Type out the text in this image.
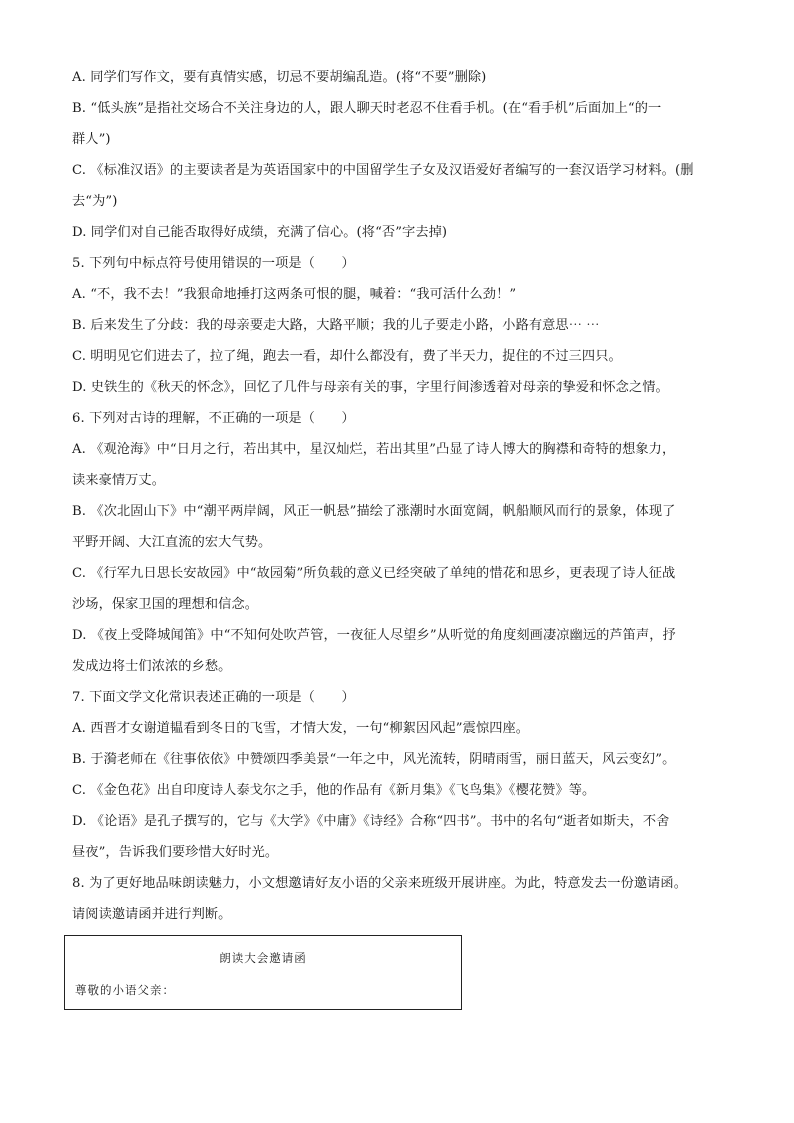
A. 同学们写作文，要有真情实感，切忌不要胡编乱造。(将“不要”删除)
B. “低头族”是指社交场合不关注身边的人，跟人聊天时老忍不住看手机。(在“看手机”后面加上“的一
群人”)
C. 《标准汉语》的主要读者是为英语国家中的中国留学生子女及汉语爱好者编写的一套汉语学习材料。(删
去“为”)
D. 同学们对自己能否取得好成绩，充满了信心。(将“否”字去掉)
5. 下列句中标点符号使用错误的一项是（　　）
A. “不，我不去！”我狠命地捶打这两条可恨的腿，喊着：“我可活什么劲！”
B. 后来发生了分歧：我的母亲要走大路，大路平顺；我的儿子要走小路，小路有意思⋯ ⋯
C. 明明见它们进去了，拉了绳，跑去一看，却什么都没有，费了半天力，捉住的不过三四只。
D. 史铁生的《秋天的怀念》，回忆了几件与母亲有关的事，字里行间渗透着对母亲的挚爱和怀念之情。
6. 下列对古诗的理解，不正确的一项是（　　）
A. 《观沧海》中“日月之行，若出其中，星汉灿烂，若出其里”凸显了诗人博大的胸襟和奇特的想象力，
读来豪情万丈。
B. 《次北固山下》中“潮平两岸阔，风正一帆悬”描绘了涨潮时水面宽阔，帆船顺风而行的景象，体现了
平野开阔、大江直流的宏大气势。
C. 《行军九日思长安故园》中“故园菊”所负载的意义已经突破了单纯的惜花和思乡，更表现了诗人征战
沙场，保家卫国的理想和信念。
D. 《夜上受降城闻笛》中“不知何处吹芦管，一夜征人尽望乡”从听觉的角度刻画凄凉幽远的芦笛声，抒
发成边将士们浓浓的乡愁。
7. 下面文学文化常识表述正确的一项是（　　）
A. 西晋才女谢道韫看到冬日的飞雪，才情大发，一句“柳絮因风起”震惊四座。
B. 于漪老师在《往事依依》中赞颂四季美景“一年之中，风光流转，阴晴雨雪，丽日蓝天，风云变幻”。
C. 《金色花》出自印度诗人泰戈尔之手，他的作品有《新月集》《飞鸟集》《樱花赞》等。
D. 《论语》是孔子撰写的，它与《大学》《中庸》《诗经》合称“四书”。书中的名句“逝者如斯夫，不舍
昼夜”，告诉我们要珍惜大好时光。
8. 为了更好地品味朗读魅力，小文想邀请好友小语的父亲来班级开展讲座。为此，特意发去一份邀请函。
请阅读邀请函并进行判断。
朗读大会邀请函
尊敬的小语父亲：
